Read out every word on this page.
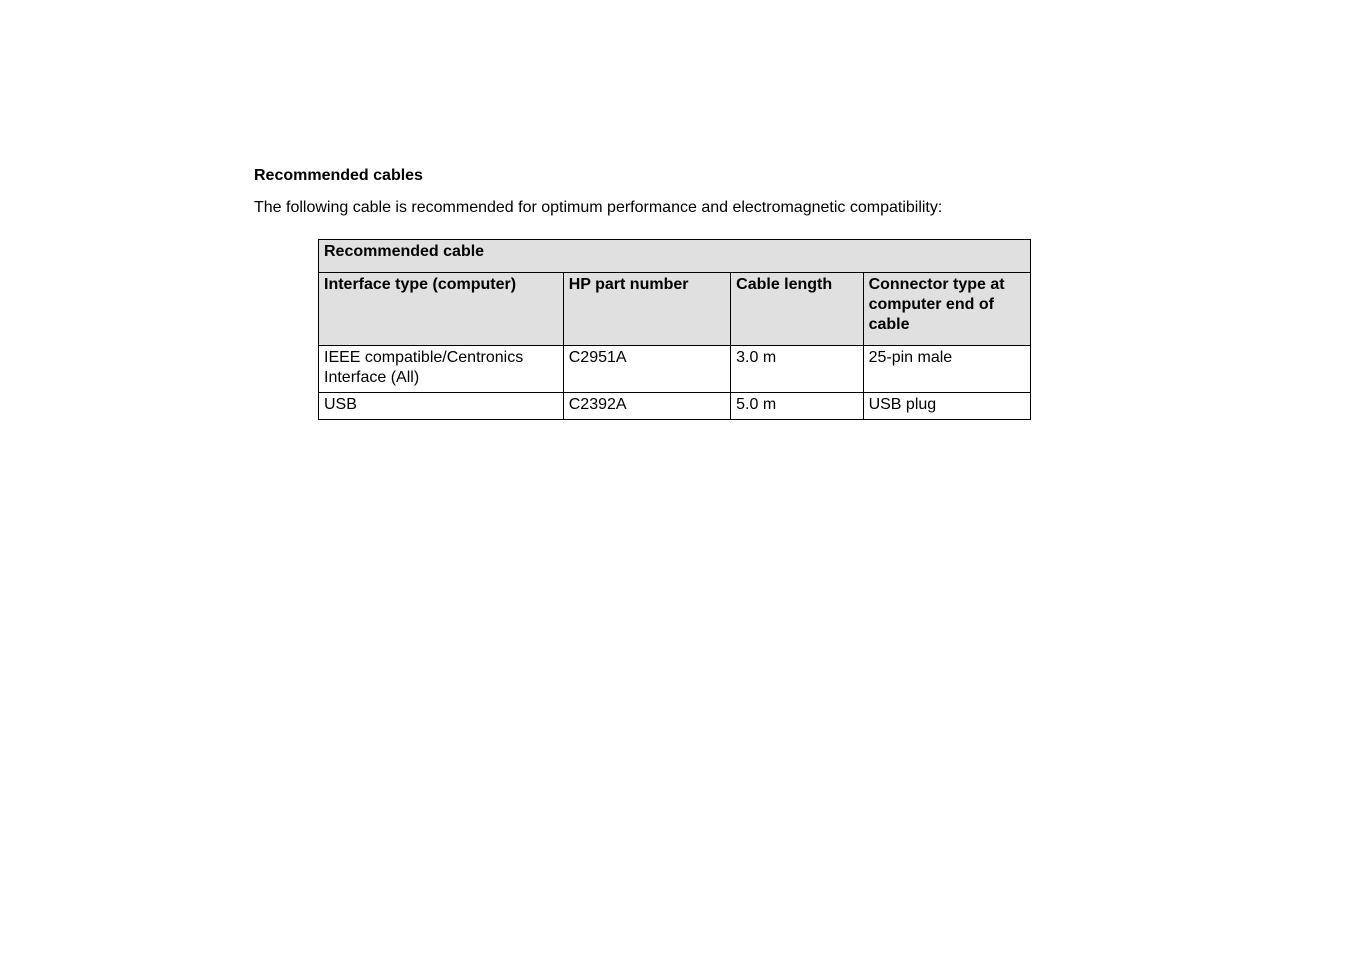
Recommended cables

The following cable is recommended for optimum performance and electromagnetic compatibility:

Recommended cable			
Interface type (computer)	HP part number	Cable length	Connector type at computer end of cable
IEEE compatible/Centronics Interface (All)	C2951A	3.0 m	25-pin male
USB	C2392A	5.0 m	USB plug
